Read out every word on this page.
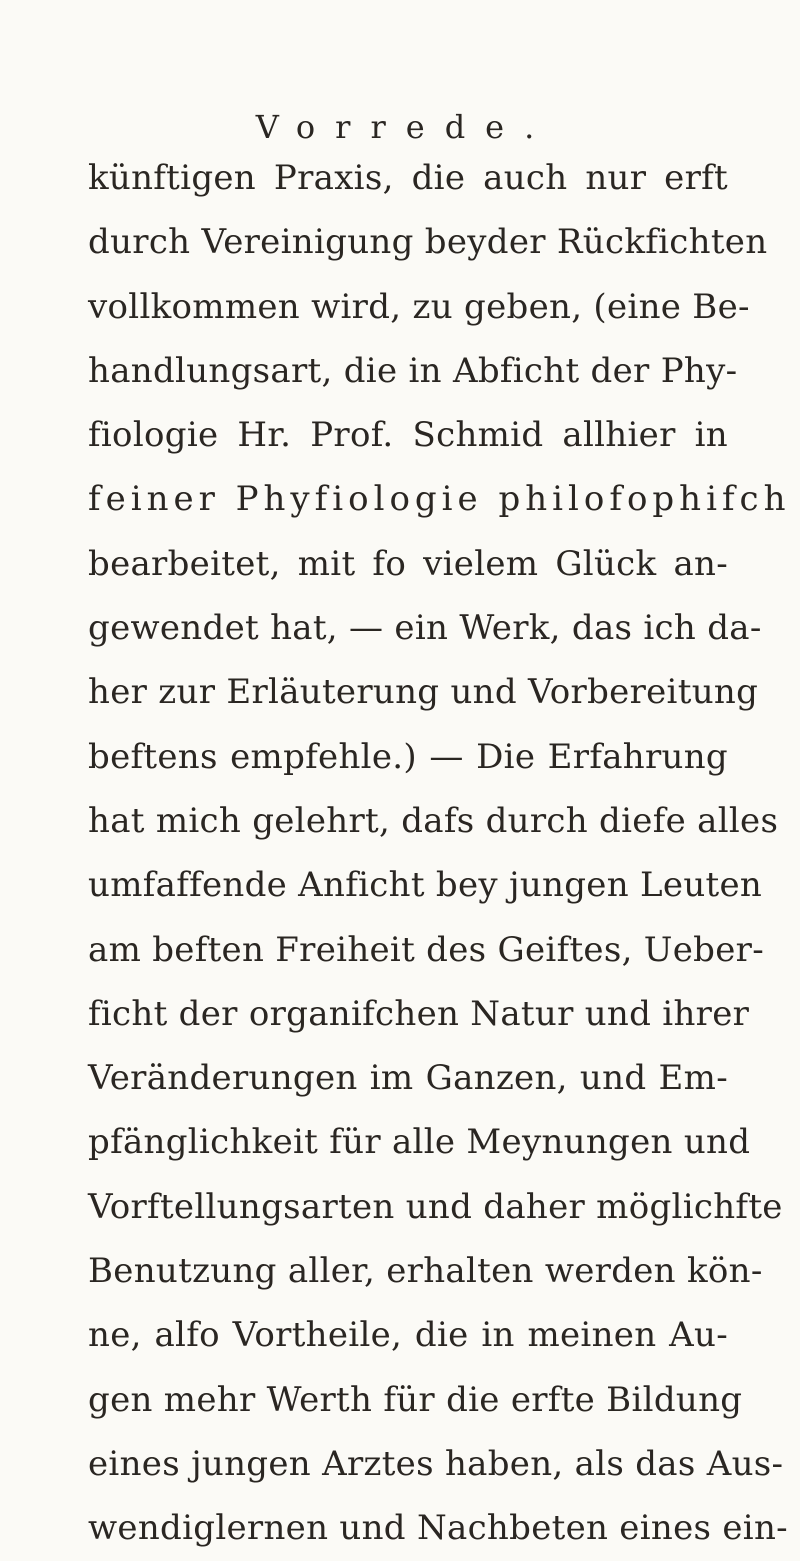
Vorrede.
künftigen Praxis, die auch nur erft
durch Vereinigung beyder Rückfichten
vollkommen wird, zu geben, (eine Be-
handlungsart, die in Abficht der Phy-
fiologie Hr. Prof. Schmid allhier in
feiner Phyfiologie philofophifch
bearbeitet, mit fo vielem Glück an-
gewendet hat, — ein Werk, das ich da-
her zur Erläuterung und Vorbereitung
beftens empfehle.) — Die Erfahrung
hat mich gelehrt, dafs durch diefe alles
umfaffende Anficht bey jungen Leuten
am beften Freiheit des Geiftes, Ueber-
ficht der organifchen Natur und ihrer
Veränderungen im Ganzen, und Em-
pfänglichkeit für alle Meynungen und
Vorftellungsarten und daher möglichfte
Benutzung aller, erhalten werden kön-
ne, alfo Vortheile, die in meinen Au-
gen mehr Werth für die erfte Bildung
eines jungen Arztes haben, als das Aus-
wendiglernen und Nachbeten eines ein-
